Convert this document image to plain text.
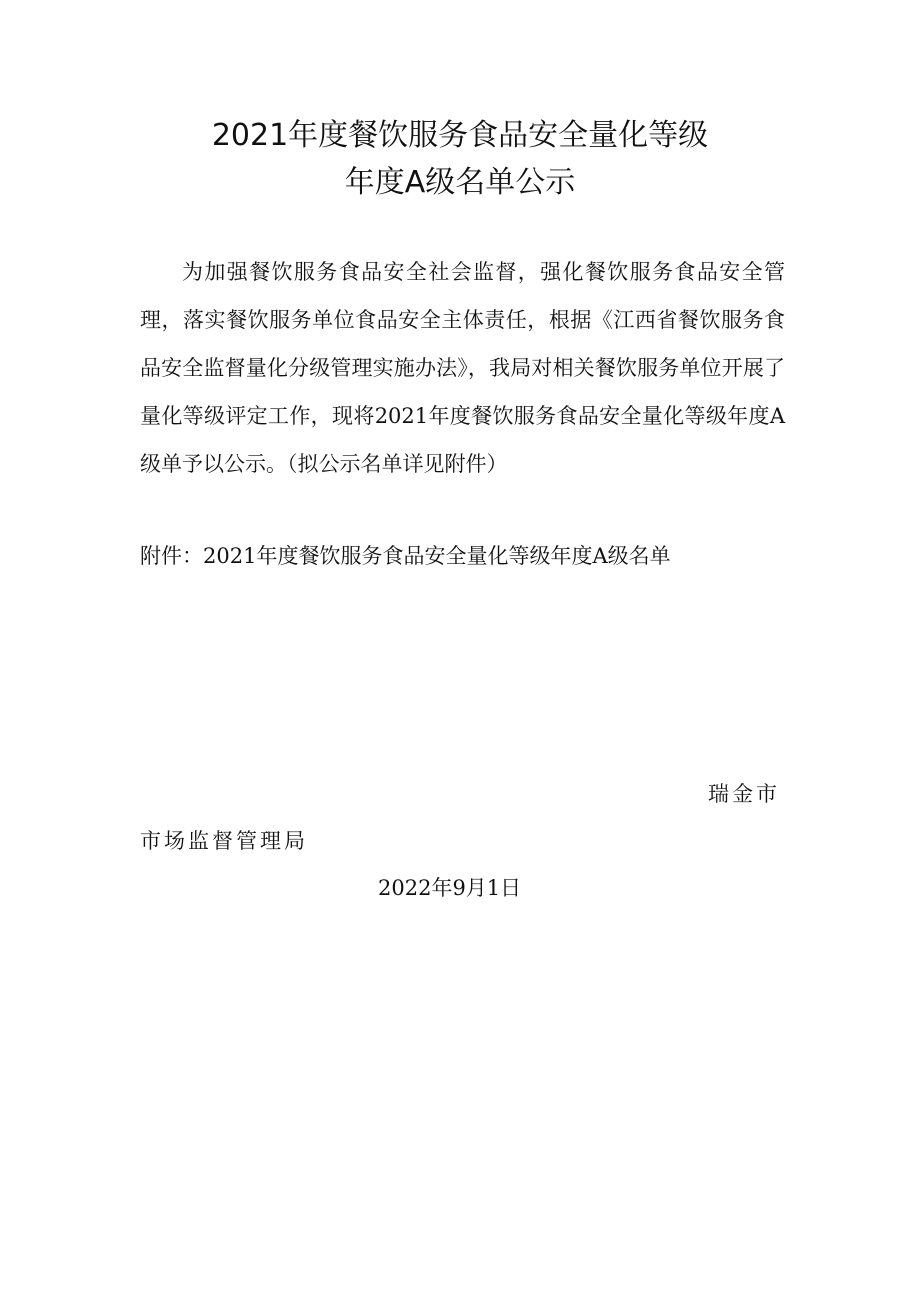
2021年度餐饮服务食品安全量化等级
年度A级名单公示

为加强餐饮服务食品安全社会监督，强化餐饮服务食品安全管理，落实餐饮服务单位食品安全主体责任，根据《江西省餐饮服务食品安全监督量化分级管理实施办法》，我局对相关餐饮服务单位开展了量化等级评定工作，现将2021年度餐饮服务食品安全量化等级年度A级单予以公示。（拟公示名单详见附件）

附件：2021年度餐饮服务食品安全量化等级年度A级名单

瑞金市
市场监督管理局
2022年9月1日
